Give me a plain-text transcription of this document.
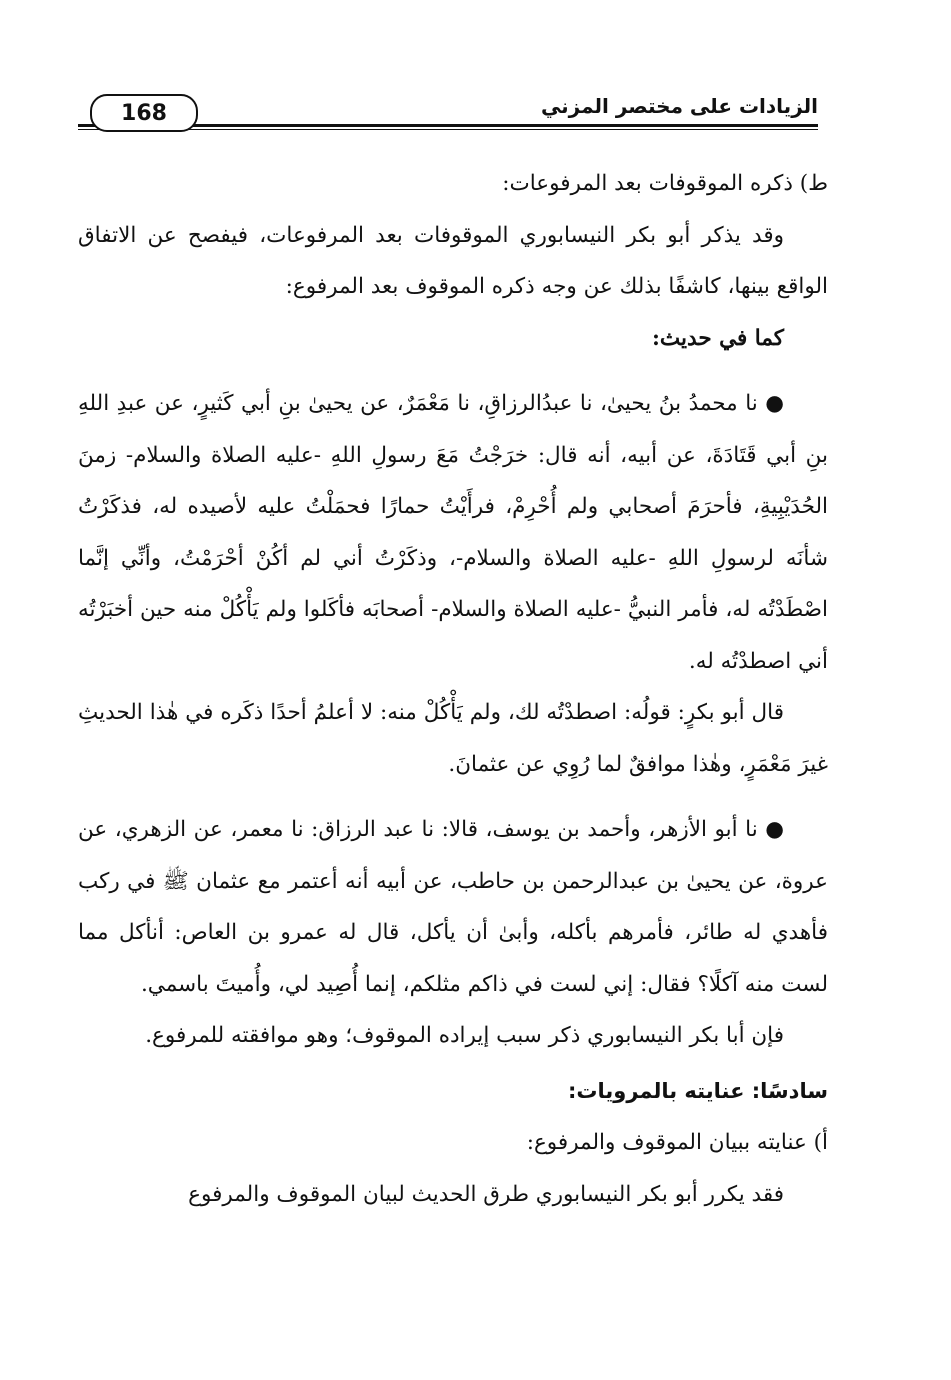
الزيادات على مختصر المزني
168

ط) ذكره الموقوفات بعد المرفوعات:

وقد يذكر أبو بكر النيسابوري الموقوفات بعد المرفوعات، فيفصح عن الاتفاق الواقع بينها، كاشفًا بذلك عن وجه ذكره الموقوف بعد المرفوع:

كما في حديث:

● نا محمدُ بنُ يحيىٰ، نا عبدُالرزاقِ، نا مَعْمَرٌ، عن يحيىٰ بنِ أبي كَثيرٍ، عن عبدِ اللهِ بنِ أبي قَتَادَةَ، عن أبيه، أنه قال: خرَجْتُ مَعَ رسولِ اللهِ -عليه الصلاة والسلام- زمنَ الحُدَيْبِيةِ، فأحرَمَ أصحابي ولم أُحْرِمْ، فرأَيْتُ حمارًا فحمَلْتُ عليه لأصيده له، فذكَرْتُ شأنَه لرسولِ اللهِ -عليه الصلاة والسلام-، وذكَرْتُ أني لم أكُنْ أحْرَمْتُ، وأنِّي إنَّما اصْطَدْتُه له، فأمر النبيُّ -عليه الصلاة والسلام- أصحابَه فأكَلوا ولم يَأْكُلْ منه حين أخبَرْتُه أني اصطدْتُه له.

قال أبو بكرٍ: قولُه: اصطدْتُه لك، ولم يَأْكُلْ منه: لا أعلمُ أحدًا ذكَره في هٰذا الحديثِ غيرَ مَعْمَرٍ، وهٰذا موافقٌ لما رُوِي عن عثمانَ.

● نا أبو الأزهر، وأحمد بن يوسف، قالا: نا عبد الرزاق: نا معمر، عن الزهري، عن عروة، عن يحيىٰ بن عبدالرحمن بن حاطب، عن أبيه أنه أعتمر مع عثمان ﷺ في ركب فأهدي له طائر، فأمرهم بأكله، وأبىٰ أن يأكل، قال له عمرو بن العاص: أنأكل مما لست منه آكلًا؟ فقال: إني لست في ذاكم مثلكم، إنما أُصِيد لي، وأُميتَ باسمي.

فإن أبا بكر النيسابوري ذكر سبب إيراده الموقوف؛ وهو موافقته للمرفوع.

سادسًا: عنايته بالمرويات:

أ) عنايته ببيان الموقوف والمرفوع:

فقد يكرر أبو بكر النيسابوري طرق الحديث لبيان الموقوف والمرفوع
